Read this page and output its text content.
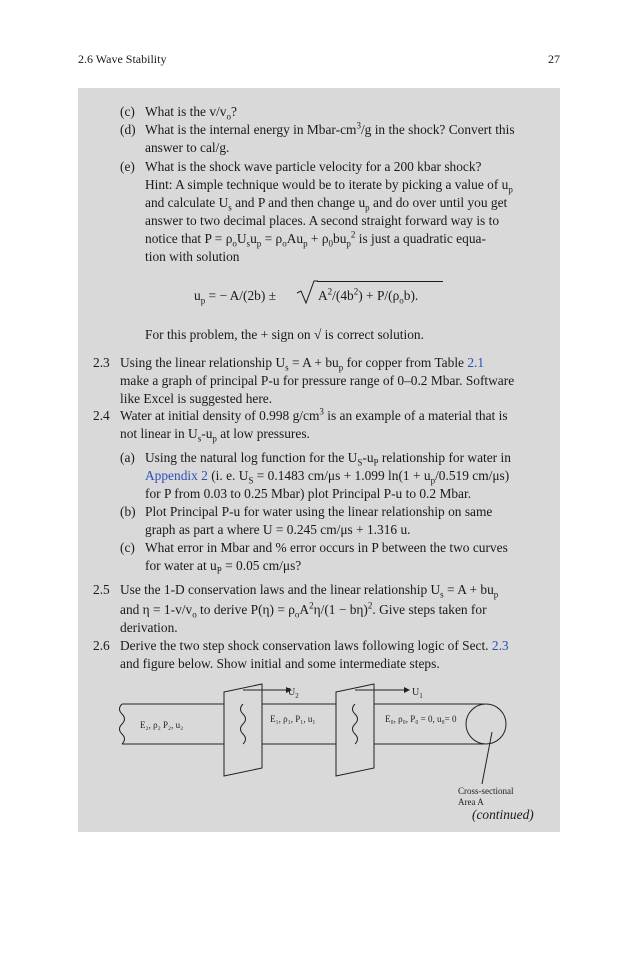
2.6 Wave Stability	27
(c) What is the $v/v_o$?
(d) What is the internal energy in Mbar-$cm^3/g$ in the shock? Convert this
answer to cal/g.
(e) What is the shock wave particle velocity for a 200 kbar shock?
Hint: A simple technique would be to iterate by picking a value of $u_p$
and calculate $U_s$ and P and then change $u_p$ and do over until you get
answer to two decimal places. A second straight forward way is to
notice that $P = \rho_oU_su_p = \rho_oAu_p + \rho_0bu_p^2$ is just a quadratic equa-
tion with solution
$u_p$ = − A/(2b) ±	$A^2/(4b^2) + P/(\rho_ob)$.
For this problem, the + sign on √ is correct solution.
2.3 Using the linear relationship $U_s = A + bu_p$ for copper from Table 2.1
make a graph of principal P-u for pressure range of 0–0.2 Mbar. Software
like Excel is suggested here.
2.4 Water at initial density of 0.998 $g/cm^3$ is an example of a material that is
not linear in $U_s-u_p$ at low pressures.
(a) Using the natural log function for the $U_S-u_P$ relationship for water in
Appendix 2 (i. e. $U_S = 0.1483$ cm/μs + 1.099 $\ln(1 + u_p/0.519$ cm/μs)
for P from 0.03 to 0.25 Mbar) plot Principal P-u to 0.2 Mbar.
(b) Plot Principal P-u for water using the linear relationship on same
graph as part a where U = 0.245 cm/μs + 1.316 u.
(c) What error in Mbar and % error occurs in P between the two curves
for water at $u_P = 0.05$ cm/μs?
2.5 Use the 1-D conservation laws and the linear relationship $U_s = A + bu_p$
and $\eta = 1-v/v_o$ to derive $P(\eta) = \rho_oA^2\eta/(1 - b\eta)^2$. Give steps taken for
derivation.
2.6 Derive the two step shock conservation laws following logic of Sect. 2.3
and figure below. Show initial and some intermediate steps.
$U_2$	$U_1$
E₂, ρ₂ P₂, u₂
E₁, ρ₁, P₁, u₁	E₀, ρ₀, P₀ = 0, u₀= 0
Cross-sectional
Area A
(continued)
